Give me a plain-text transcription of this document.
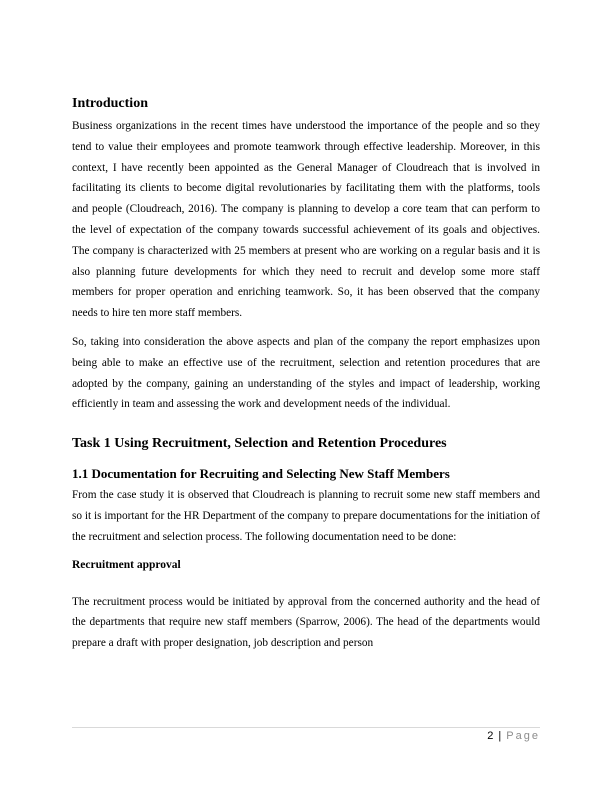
Introduction

Business organizations in the recent times have understood the importance of the people and so they tend to value their employees and promote teamwork through effective leadership. Moreover, in this context, I have recently been appointed as the General Manager of Cloudreach that is involved in facilitating its clients to become digital revolutionaries by facilitating them with the platforms, tools and people (Cloudreach, 2016). The company is planning to develop a core team that can perform to the level of expectation of the company towards successful achievement of its goals and objectives. The company is characterized with 25 members at present who are working on a regular basis and it is also planning future developments for which they need to recruit and develop some more staff members for proper operation and enriching teamwork. So, it has been observed that the company needs to hire ten more staff members.

So, taking into consideration the above aspects and plan of the company the report emphasizes upon being able to make an effective use of the recruitment, selection and retention procedures that are adopted by the company, gaining an understanding of the styles and impact of leadership, working efficiently in team and assessing the work and development needs of the individual.

Task 1 Using Recruitment, Selection and Retention Procedures
1.1 Documentation for Recruiting and Selecting New Staff Members

From the case study it is observed that Cloudreach is planning to recruit some new staff members and so it is important for the HR Department of the company to prepare documentations for the initiation of the recruitment and selection process. The following documentation need to be done:

Recruitment approval

The recruitment process would be initiated by approval from the concerned authority and the head of the departments that require new staff members (Sparrow, 2006). The head of the departments would prepare a draft with proper designation, job description and person

2 | Page
